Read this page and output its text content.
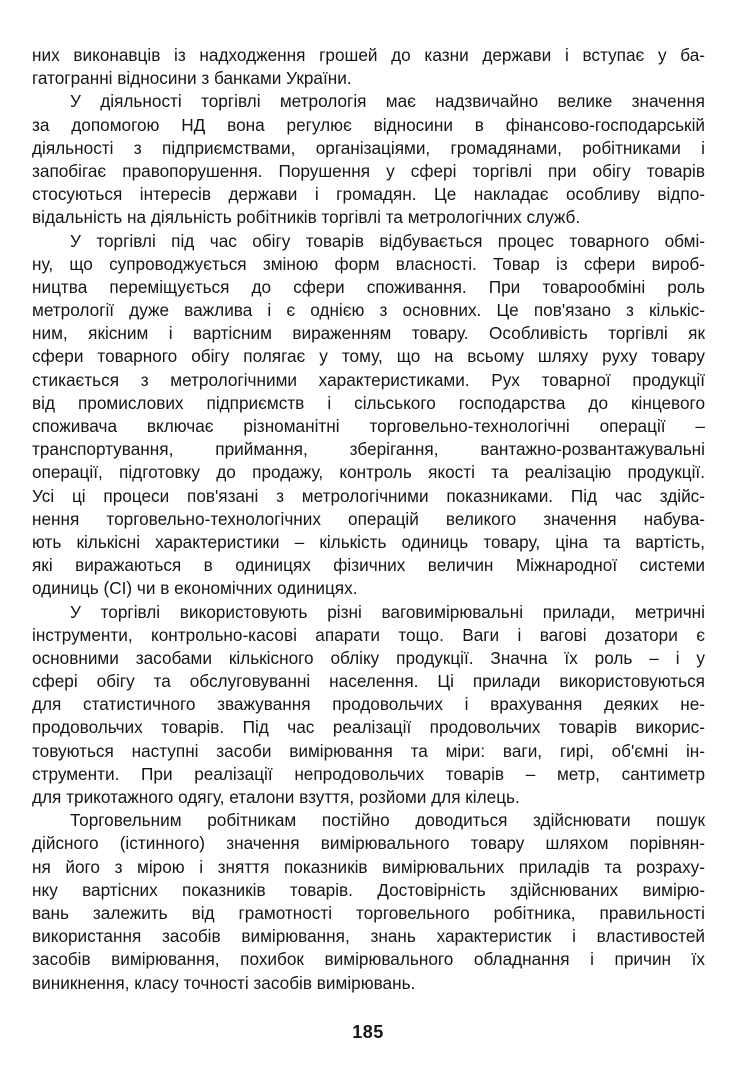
них виконавців із надходження грошей до казни держави і вступає у ба-
гатогранні відносини з банками України.
У діяльності торгівлі метрологія має надзвичайно велике значення
за допомогою НД вона регулює відносини в фінансово-господарській
діяльності з підприємствами, організаціями, громадянами, робітниками і
запобігає правопорушення. Порушення у сфері торгівлі при обігу товарів
стосуються інтересів держави і громадян. Це накладає особливу відпо-
відальність на діяльність робітників торгівлі та метрологічних служб.
У торгівлі під час обігу товарів відбувається процес товарного обмі-
ну, що супроводжується зміною форм власності. Товар із сфери вироб-
ництва переміщується до сфери споживання. При товарообміні роль
метрології дуже важлива і є однією з основних. Це пов'язано з кількіс-
ним, якісним і вартісним вираженням товару. Особливість торгівлі як
сфери товарного обігу полягає у тому, що на всьому шляху руху товару
стикається з метрологічними характеристиками. Рух товарної продукції
від промислових підприємств і сільського господарства до кінцевого
споживача включає різноманітні торговельно-технологічні операції –
транспортування, приймання, зберігання, вантажно-розвантажувальні
операції, підготовку до продажу, контроль якості та реалізацію продукції.
Усі ці процеси пов'язані з метрологічними показниками. Під час здійс-
нення торговельно-технологічних операцій великого значення набува-
ють кількісні характеристики – кількість одиниць товару, ціна та вартість,
які виражаються в одиницях фізичних величин Міжнародної системи
одиниць (СІ) чи в економічних одиницях.
У торгівлі використовують різні ваговимірювальні прилади, метричні
інструменти, контрольно-касові апарати тощо. Ваги і вагові дозатори є
основними засобами кількісного обліку продукції. Значна їх роль – і у
сфері обігу та обслуговуванні населення. Ці прилади використовуються
для статистичного зважування продовольчих і врахування деяких не-
продовольчих товарів. Під час реалізації продовольчих товарів викорис-
товуються наступні засоби вимірювання та міри: ваги, гирі, об'ємні ін-
струменти. При реалізації непродовольчих товарів – метр, сантиметр
для трикотажного одягу, еталони взуття, розйоми для кілець.
Торговельним робітникам постійно доводиться здійснювати пошук
дійсного (істинного) значення вимірювального товару шляхом порівнян-
ня його з мірою і зняття показників вимірювальних приладів та розраху-
нку вартісних показників товарів. Достовірність здійснюваних вимірю-
вань залежить від грамотності торговельного робітника, правильності
використання засобів вимірювання, знань характеристик і властивостей
засобів вимірювання, похибок вимірювального обладнання і причин їх
виникнення, класу точності засобів вимірювань.
185
